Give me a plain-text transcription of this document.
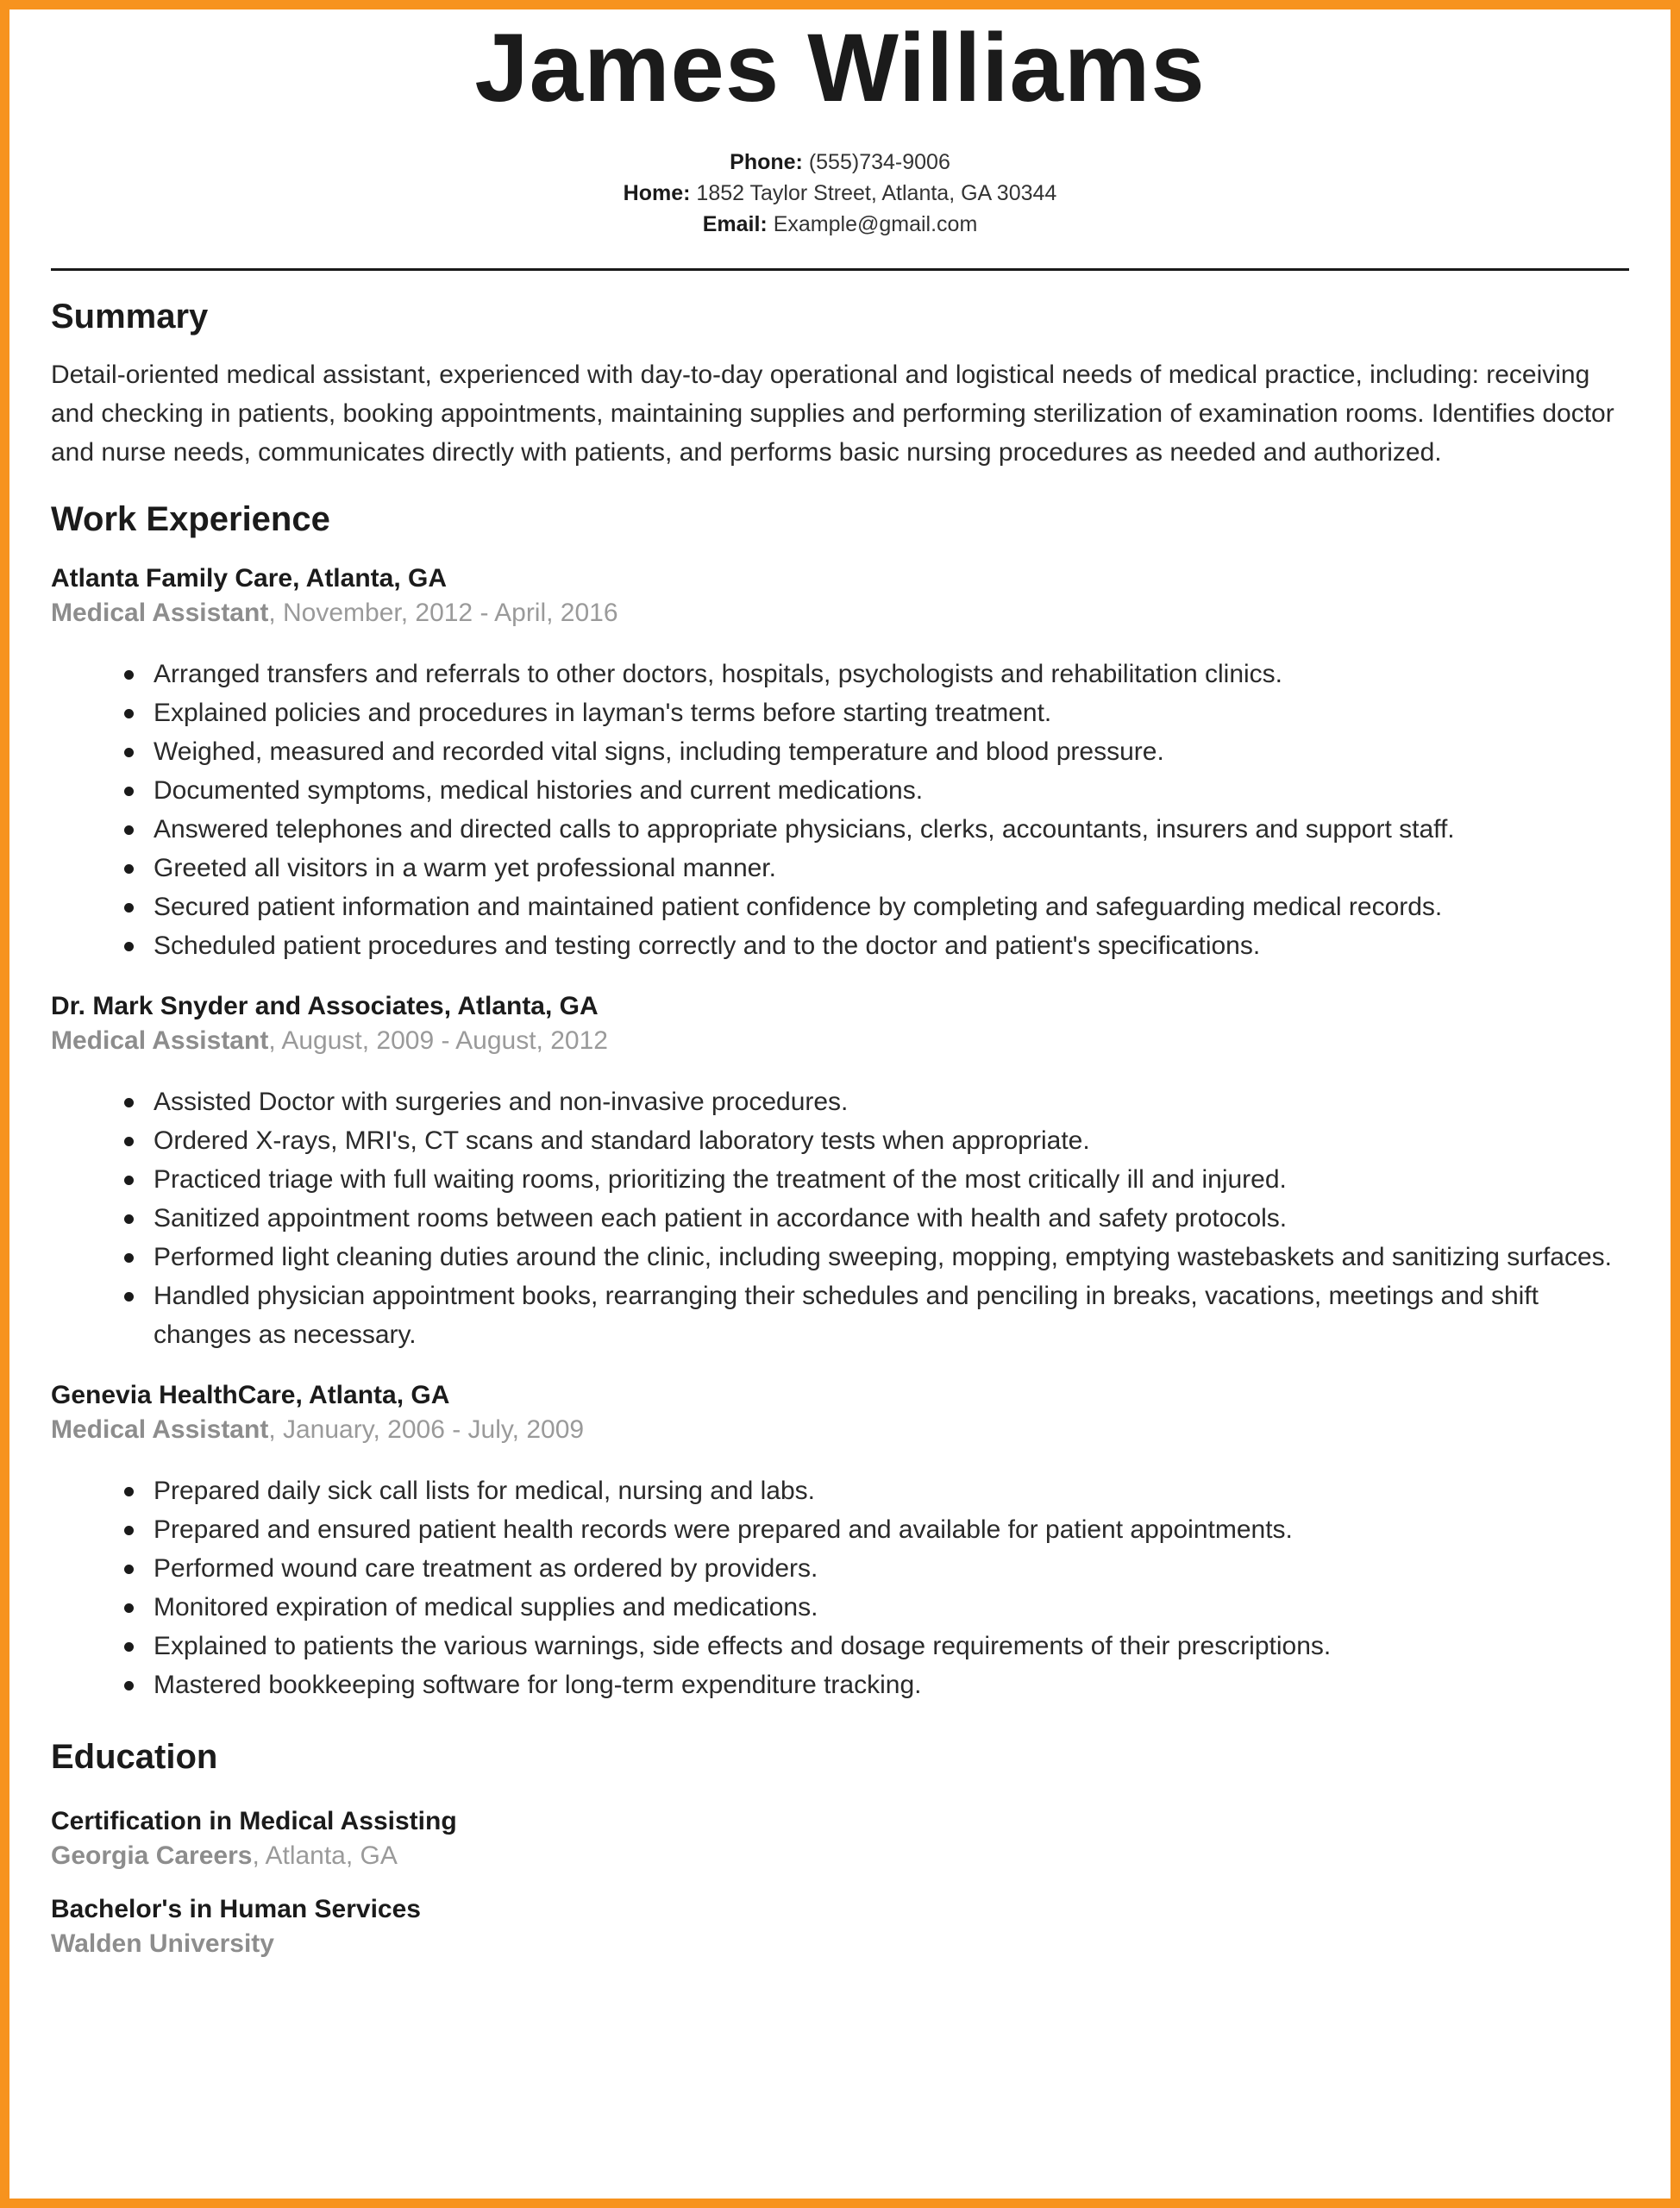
James Williams
Phone: (555)734-9006
Home: 1852 Taylor Street, Atlanta, GA 30344
Email: Example@gmail.com
Summary

Detail-oriented medical assistant, experienced with day-to-day operational and logistical needs of medical practice, including: receiving and checking in patients, booking appointments, maintaining supplies and performing sterilization of examination rooms. Identifies doctor and nurse needs, communicates directly with patients, and performs basic nursing procedures as needed and authorized.

Work Experience
Atlanta Family Care, Atlanta, GA
Medical Assistant, November, 2012 - April, 2016
Arranged transfers and referrals to other doctors, hospitals, psychologists and rehabilitation clinics.
Explained policies and procedures in layman's terms before starting treatment.
Weighed, measured and recorded vital signs, including temperature and blood pressure.
Documented symptoms, medical histories and current medications.
Answered telephones and directed calls to appropriate physicians, clerks, accountants, insurers and support staff.
Greeted all visitors in a warm yet professional manner.
Secured patient information and maintained patient confidence by completing and safeguarding medical records.
Scheduled patient procedures and testing correctly and to the doctor and patient's specifications.
Dr. Mark Snyder and Associates, Atlanta, GA
Medical Assistant, August, 2009 - August, 2012
Assisted Doctor with surgeries and non-invasive procedures.
Ordered X-rays, MRI's, CT scans and standard laboratory tests when appropriate.
Practiced triage with full waiting rooms, prioritizing the treatment of the most critically ill and injured.
Sanitized appointment rooms between each patient in accordance with health and safety protocols.
Performed light cleaning duties around the clinic, including sweeping, mopping, emptying wastebaskets and sanitizing surfaces.
Handled physician appointment books, rearranging their schedules and penciling in breaks, vacations, meetings and shift changes as necessary.
Genevia HealthCare, Atlanta, GA
Medical Assistant, January, 2006 - July, 2009
Prepared daily sick call lists for medical, nursing and labs.
Prepared and ensured patient health records were prepared and available for patient appointments.
Performed wound care treatment as ordered by providers.
Monitored expiration of medical supplies and medications.
Explained to patients the various warnings, side effects and dosage requirements of their prescriptions.
Mastered bookkeeping software for long-term expenditure tracking.
Education
Certification in Medical Assisting
Georgia Careers, Atlanta, GA
Bachelor's in Human Services
Walden University
